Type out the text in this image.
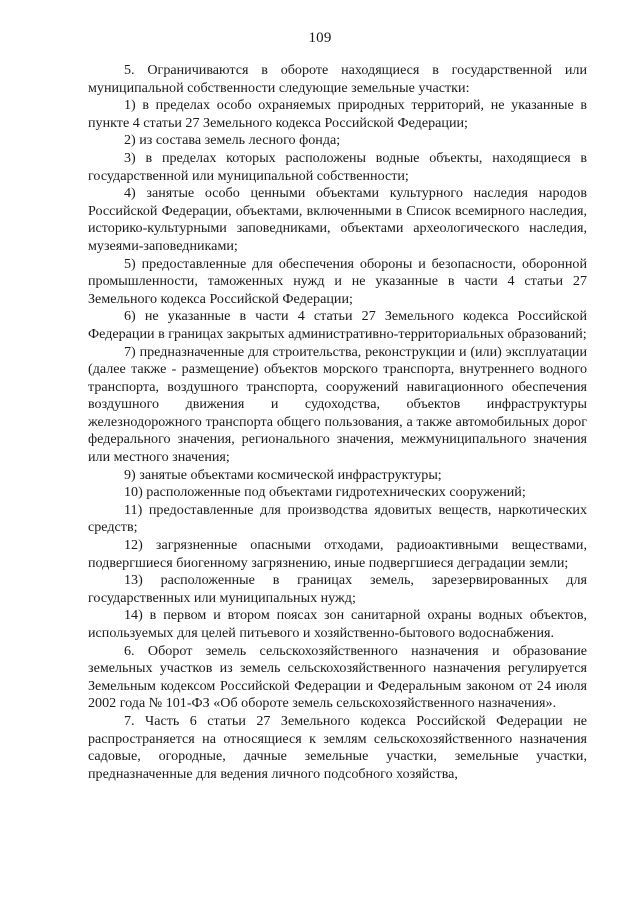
109

5. Ограничиваются в обороте находящиеся в государственной или муниципальной собственности следующие земельные участки:

1) в пределах особо охраняемых природных территорий, не указанные в пункте 4 статьи 27 Земельного кодекса Российской Федерации;

2) из состава земель лесного фонда;

3) в пределах которых расположены водные объекты, находящиеся в государственной или муниципальной собственности;

4) занятые особо ценными объектами культурного наследия народов Российской Федерации, объектами, включенными в Список всемирного наследия, историко-культурными заповедниками, объектами археологического наследия, музеями-заповедниками;

5) предоставленные для обеспечения обороны и безопасности, оборонной промышленности, таможенных нужд и не указанные в части 4 статьи 27 Земельного кодекса Российской Федерации;

6) не указанные в части 4 статьи 27 Земельного кодекса Российской Федерации в границах закрытых административно-территориальных образований;

7) предназначенные для строительства, реконструкции и (или) эксплуатации (далее также - размещение) объектов морского транспорта, внутреннего водного транспорта, воздушного транспорта, сооружений навигационного обеспечения воздушного движения и судоходства, объектов инфраструктуры железнодорожного транспорта общего пользования, а также автомобильных дорог федерального значения, регионального значения, межмуниципального значения или местного значения;

9) занятые объектами космической инфраструктуры;

10) расположенные под объектами гидротехнических сооружений;

11) предоставленные для производства ядовитых веществ, наркотических средств;

12) загрязненные опасными отходами, радиоактивными веществами, подвергшиеся биогенному загрязнению, иные подвергшиеся деградации земли;

13) расположенные в границах земель, зарезервированных для государственных или муниципальных нужд;

14) в первом и втором поясах зон санитарной охраны водных объектов, используемых для целей питьевого и хозяйственно-бытового водоснабжения.

6. Оборот земель сельскохозяйственного назначения и образование земельных участков из земель сельскохозяйственного назначения регулируется Земельным кодексом Российской Федерации и Федеральным законом от 24 июля 2002 года № 101-ФЗ «Об обороте земель сельскохозяйственного назначения».

7. Часть 6 статьи 27 Земельного кодекса Российской Федерации не распространяется на относящиеся к землям сельскохозяйственного назначения садовые, огородные, дачные земельные участки, земельные участки, предназначенные для ведения личного подсобного хозяйства,
